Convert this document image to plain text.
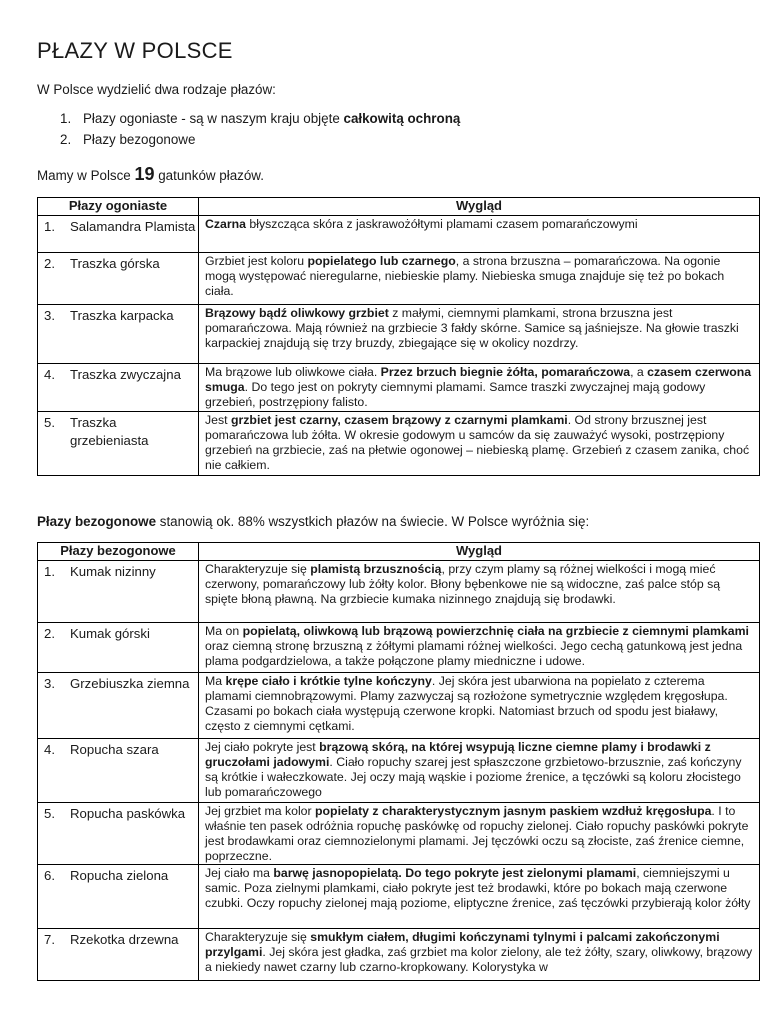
PŁAZY W POLSCE

W Polsce wydzielić dwa rodzaje płazów:

1. Płazy ogoniaste - są w naszym kraju objęte całkowitą ochroną
2. Płazy bezogonowe

Mamy w Polsce 19 gatunków płazów.

Płazy ogoniaste	Wygląd

1. Salamandra Plamista	Czarna błyszcząca skóra z jaskrawożółtymi plamami czasem pomarańczowymi

2. Traszka górska	Grzbiet jest koloru popielatego lub czarnego, a strona brzuszna – pomarańczowa. Na ogonie mogą występować nieregularne, niebieskie plamy. Niebieska smuga znajduje się też po bokach ciała.

3. Traszka karpacka	Brązowy bądź oliwkowy grzbiet z małymi, ciemnymi plamkami, strona brzuszna jest pomarańczowa. Mają również na grzbiecie 3 fałdy skórne. Samice są jaśniejsze. Na głowie traszki karpackiej znajdują się trzy bruzdy, zbiegające się w okolicy nozdrzy.

4. Traszka zwyczajna	Ma brązowe lub oliwkowe ciała. Przez brzuch biegnie żółta, pomarańczowa, a czasem czerwona smuga. Do tego jest on pokryty ciemnymi plamami. Samce traszki zwyczajnej mają godowy grzebień, postrzępiony falisto.

5. Traszka grzebieniasta	Jest grzbiet jest czarny, czasem brązowy z czarnymi plamkami. Od strony brzusznej jest pomarańczowa lub żółta. W okresie godowym u samców da się zauważyć wysoki, postrzępiony grzebień na grzbiecie, zaś na płetwie ogonowej – niebieską plamę. Grzebień z czasem zanika, choć nie całkiem.

Płazy bezogonowe stanowią ok. 88% wszystkich płazów na świecie. W Polsce wyróżnia się:

Płazy bezogonowe	Wygląd

1. Kumak nizinny	Charakteryzuje się plamistą brzusznością, przy czym plamy są różnej wielkości i mogą mieć czerwony, pomarańczowy lub żółty kolor. Błony bębenkowe nie są widoczne, zaś palce stóp są spięte błoną pławną. Na grzbiecie kumaka nizinnego znajdują się brodawki.

2. Kumak górski	Ma on popielatą, oliwkową lub brązową powierzchnię ciała na grzbiecie z ciemnymi plamkami oraz ciemną stronę brzuszną z żółtymi plamami różnej wielkości. Jego cechą gatunkową jest jedna plama podgardzielowa, a także połączone plamy miedniczne i udowe.

3. Grzebiuszka ziemna	Ma krępe ciało i krótkie tylne kończyny. Jej skóra jest ubarwiona na popielato z czterema plamami ciemnobrązowymi. Plamy zazwyczaj są rozłożone symetrycznie względem kręgosłupa. Czasami po bokach ciała występują czerwone kropki. Natomiast brzuch od spodu jest białawy, często z ciemnymi cętkami.

4. Ropucha szara	Jej ciało pokryte jest brązową skórą, na której wsypują liczne ciemne plamy i brodawki z gruczołami jadowymi. Ciało ropuchy szarej jest spłaszczone grzbietowo-brzusznie, zaś kończyny są krótkie i wałeczkowate. Jej oczy mają wąskie i poziome źrenice, a tęczówki są koloru złocistego lub pomarańczowego

5. Ropucha paskówka	Jej grzbiet ma kolor popielaty z charakterystycznym jasnym paskiem wzdłuż kręgosłupa. I to właśnie ten pasek odróżnia ropuchę paskówkę od ropuchy zielonej. Ciało ropuchy paskówki pokryte jest brodawkami oraz ciemnozielonymi plamami. Jej tęczówki oczu są złociste, zaś źrenice ciemne, poprzeczne.

6. Ropucha zielona	Jej ciało ma barwę jasnopopielatą. Do tego pokryte jest zielonymi plamami, ciemniejszymi u samic. Poza zielnymi plamkami, ciało pokryte jest też brodawki, które po bokach mają czerwone czubki. Oczy ropuchy zielonej mają poziome, eliptyczne źrenice, zaś tęczówki przybierają kolor żółty

7. Rzekotka drzewna	Charakteryzuje się smukłym ciałem, długimi kończynami tylnymi i palcami zakończonymi przylgami. Jej skóra jest gładka, zaś grzbiet ma kolor zielony, ale też żółty, szary, oliwkowy, brązowy a niekiedy nawet czarny lub czarno-kropkowany. Kolorystyka w
